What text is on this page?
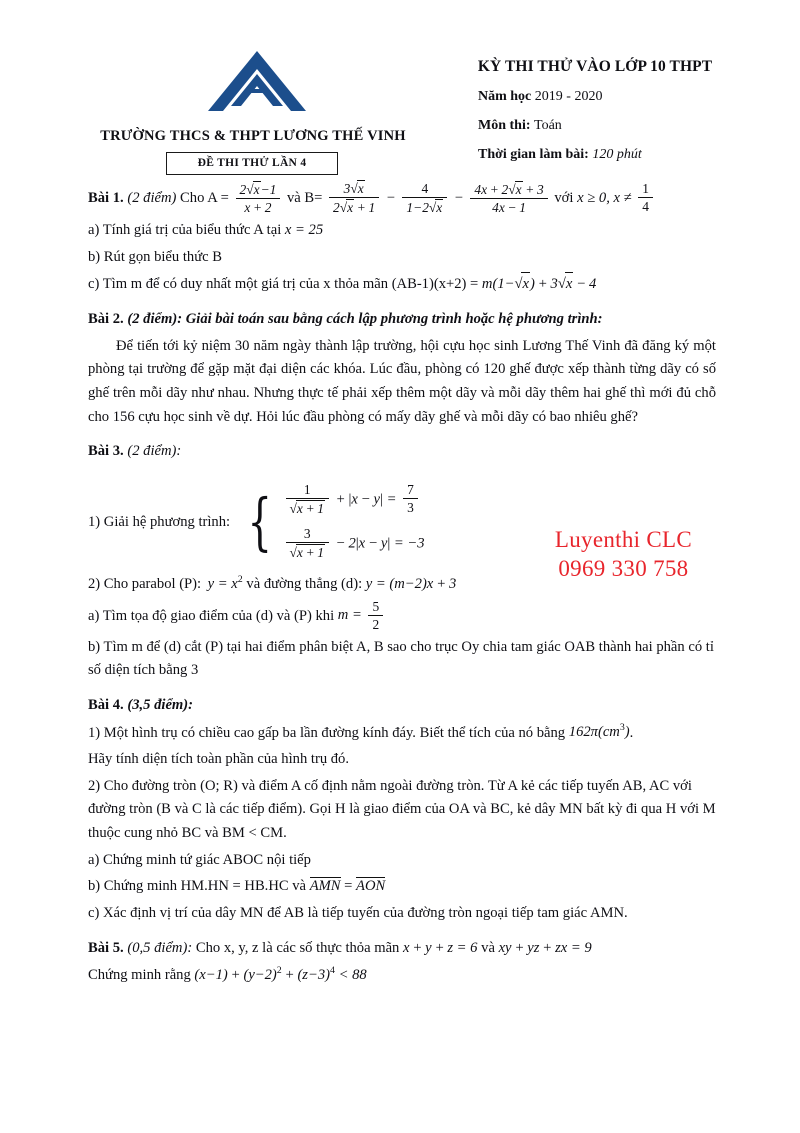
TRƯỜNG THCS & THPT LƯƠNG THẾ VINH
ĐỀ THI THỬ LẦN 4
KỲ THI THỬ VÀO LỚP 10 THPT
Năm học 2019 - 2020
Môn thi: Toán
Thời gian làm bài: 120 phút

Bài 1. (2 điểm) Cho $A = \frac{2√x-1}{x + 2}$ và $B= \frac{3√x}{2√x + 1} - \frac{4}{1-2√x} - \frac{4x + 2√x + 3}{4x - 1}$ với x ≥ 0, $x \ne \frac{1}{4}$

a) Tính giá trị của biểu thức A tại x = 25

b) Rút gọn biểu thức B

c) Tìm m để có duy nhất một giá trị của x thỏa mãn (AB-1)(x+2) = m(1−√x) + 3√x − 4

Bài 2. (2 điểm): Giải bài toán sau bằng cách lập phương trình hoặc hệ phương trình:

Để tiến tới kỷ niệm 30 năm ngày thành lập trường, hội cựu học sinh Lương Thế Vinh đã đăng ký một phòng tại trường để gặp mặt đại diện các khóa. Lúc đầu, phòng có 120 ghế được xếp thành từng dãy có số ghế trên mỗi dãy như nhau. Nhưng thực tế phải xếp thêm một dãy và mỗi dãy thêm hai ghế thì mới đủ chỗ cho 156 cựu học sinh về dự. Hỏi lúc đầu phòng có mấy dãy ghế và mỗi dãy có bao nhiêu ghế?

Bài 3. (2 điểm):

1) Giải hệ phương trình: { $\frac{1}{√x + 1} + |x - y| = \frac{7}{3}$
$\frac{3}{√x + 1} - 2|x - y| = -3$

2) Cho parabol (P):  $y = x^2$ và đường thẳng (d): y = (m−2)x + 3

a) Tìm tọa độ giao điểm của (d) và (P) khi $m = \frac{5}{2}$

b) Tìm m để (d) cắt (P) tại hai điểm phân biệt A, B sao cho trục Oy chia tam giác OAB thành hai phần có tỉ số diện tích bằng 3

Bài 4. (3,5 điểm):

1) Một hình trụ có chiều cao gấp ba lần đường kính đáy. Biết thể tích của nó bằng $162\pi(cm^3)$.

Hãy tính diện tích toàn phần của hình trụ đó.

2) Cho đường tròn (O; R) và điểm A cố định nằm ngoài đường tròn. Từ A kẻ các tiếp tuyến AB, AC với đường tròn (B và C là các tiếp điểm). Gọi H là giao điểm của OA và BC, kẻ dây MN bất kỳ đi qua H với M thuộc cung nhỏ BC và BM < CM.

a) Chứng minh tứ giác ABOC nội tiếp

b) Chứng minh HM.HN = HB.HC và AMN = AON

c) Xác định vị trí của dây MN để AB là tiếp tuyến của đường tròn ngoại tiếp tam giác AMN.

Bài 5. (0,5 điểm): Cho x, y, z là các số thực thỏa mãn x + y + z = 6 và xy + yz + zx = 9

Chứng minh rằng $(x-1) + (y-2)^2 + (z-3)^4 < 88$

Luyenthi CLC
0969 330 758
